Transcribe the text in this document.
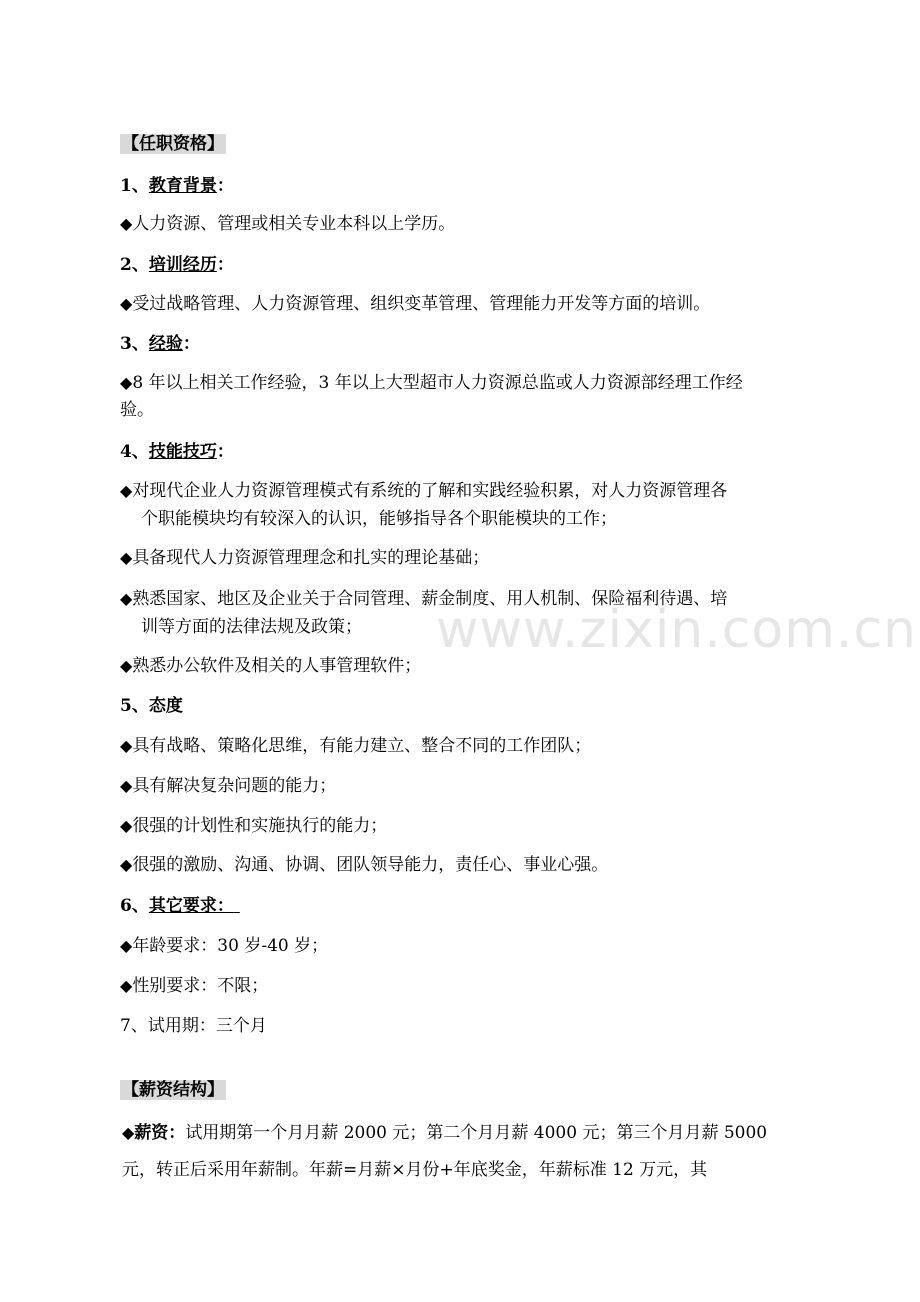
www.zixin.com.cn
【任职资格】
1、教育背景：
◆人力资源、管理或相关专业本科以上学历。
2、培训经历：
◆受过战略管理、人力资源管理、组织变革管理、管理能力开发等方面的培训。
3、经验：
◆8 年以上相关工作经验，3 年以上大型超市人力资源总监或人力资源部经理工作经
验。
4、技能技巧：
◆对现代企业人力资源管理模式有系统的了解和实践经验积累，对人力资源管理各
个职能模块均有较深入的认识，能够指导各个职能模块的工作；
◆具备现代人力资源管理理念和扎实的理论基础；
◆熟悉国家、地区及企业关于合同管理、薪金制度、用人机制、保险福利待遇、培
训等方面的法律法规及政策；
◆熟悉办公软件及相关的人事管理软件；
5、态度
◆具有战略、策略化思维，有能力建立、整合不同的工作团队；
◆具有解决复杂问题的能力；
◆很强的计划性和实施执行的能力；
◆很强的激励、沟通、协调、团队领导能力，责任心、事业心强。
6、其它要求：
◆年龄要求：30 岁-40 岁；
◆性别要求：不限；
7、试用期：三个月
【薪资结构】
◆薪资：试用期第一个月月薪 2000 元；第二个月月薪 4000 元；第三个月月薪 5000
元，转正后采用年薪制。年薪=月薪×月份+年底奖金，年薪标准 12 万元，其
